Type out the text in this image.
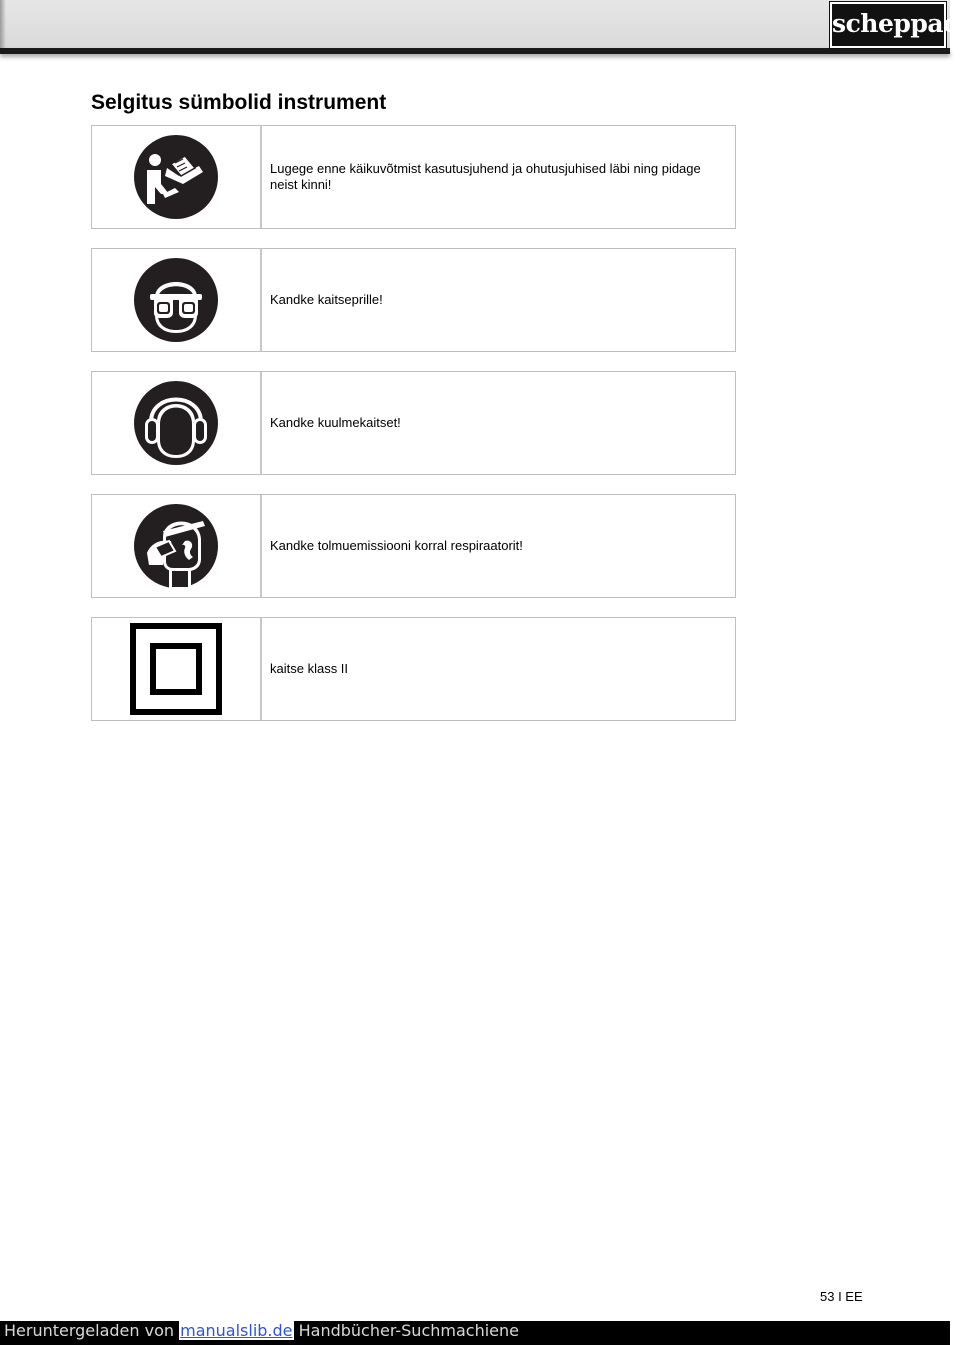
scheppach
Selgitus sümbolid instrument
Lugege enne käikuvõtmist kasutusjuhend ja ohutusjuhised läbi ning pidage neist kinni!
Kandke kaitseprille!
Kandke kuulmekaitset!
Kandke tolmuemissiooni korral respiraatorit!
kaitse klass II
53 I EE
Heruntergeladen von manualslib.de Handbücher-Suchmachiene
